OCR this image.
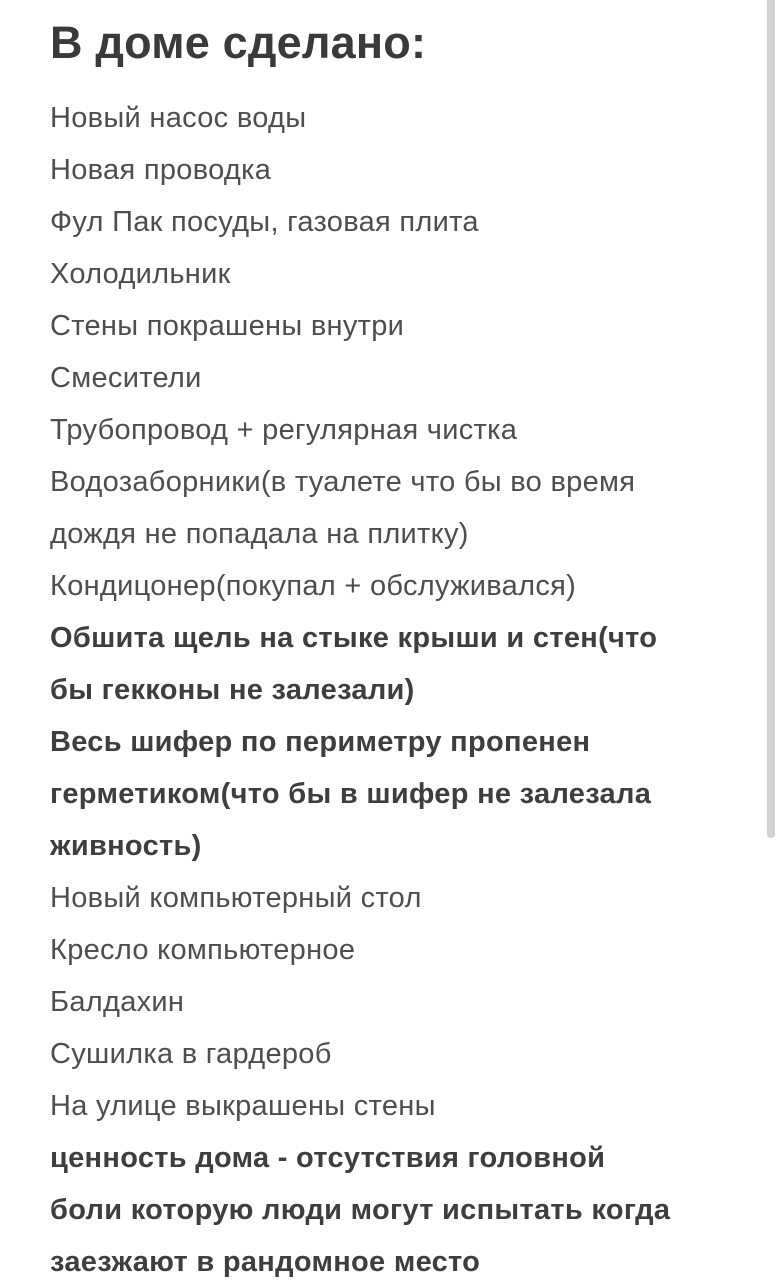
В доме сделано:

Новый насос воды

Новая проводка

Фул Пак посуды, газовая плита

Холодильник

Стены покрашены внутри

Смесители

Трубопровод + регулярная чистка

Водозаборники(в туалете что бы во время дождя не попадала на плитку)

Кондицонер(покупал + обслуживался)

Обшита щель на стыке крыши и стен(что бы гекконы не залезали)

Весь шифер по периметру пропенен герметиком(что бы в шифер не залезала живность)

Новый компьютерный стол

Кресло компьютерное

Балдахин

Сушилка в гардероб

На улице выкрашены стены

ценность дома - отсутствия головной боли которую люди могут испытать когда заезжают в рандомное место
